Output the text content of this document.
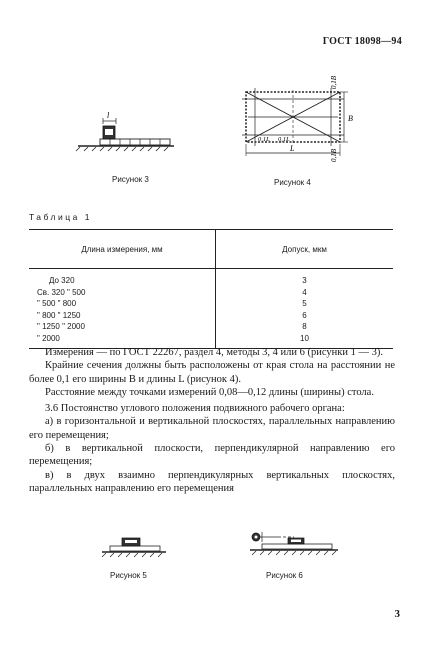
ГОСТ 18098—94
l
Рисунок 3
0,1B
B
0,1B
0,1L 0,1L
L
Рисунок 4
Таблица 1
Длина измерения, мм	Допуск, мкм
До 320	3
Св. 320 " 500	4
" 500 " 800	5
" 800 " 1250	6
" 1250 " 2000	8
" 2000	10

Измерения — по ГОСТ 22267, раздел 4, методы 3, 4 или 6 (рисунки 1 — 3).

Крайние сечения должны быть расположены от края стола на расстоянии не более 0,1 его ширины B и длины L (рисунок 4).

Расстояние между точками измерений 0,08—0,12 длины (ширины) стола.

3.6 Постоянство углового положения подвижного рабочего органа:

а) в горизонтальной и вертикальной плоскостях, параллельных направлению его перемещения;

б) в вертикальной плоскости, перпендикулярной направлению его перемещения;

в) в двух взаимно перпендикулярных вертикальных плоскостях, параллельных направлению его перемещения

Рисунок 5	Рисунок 6
3
